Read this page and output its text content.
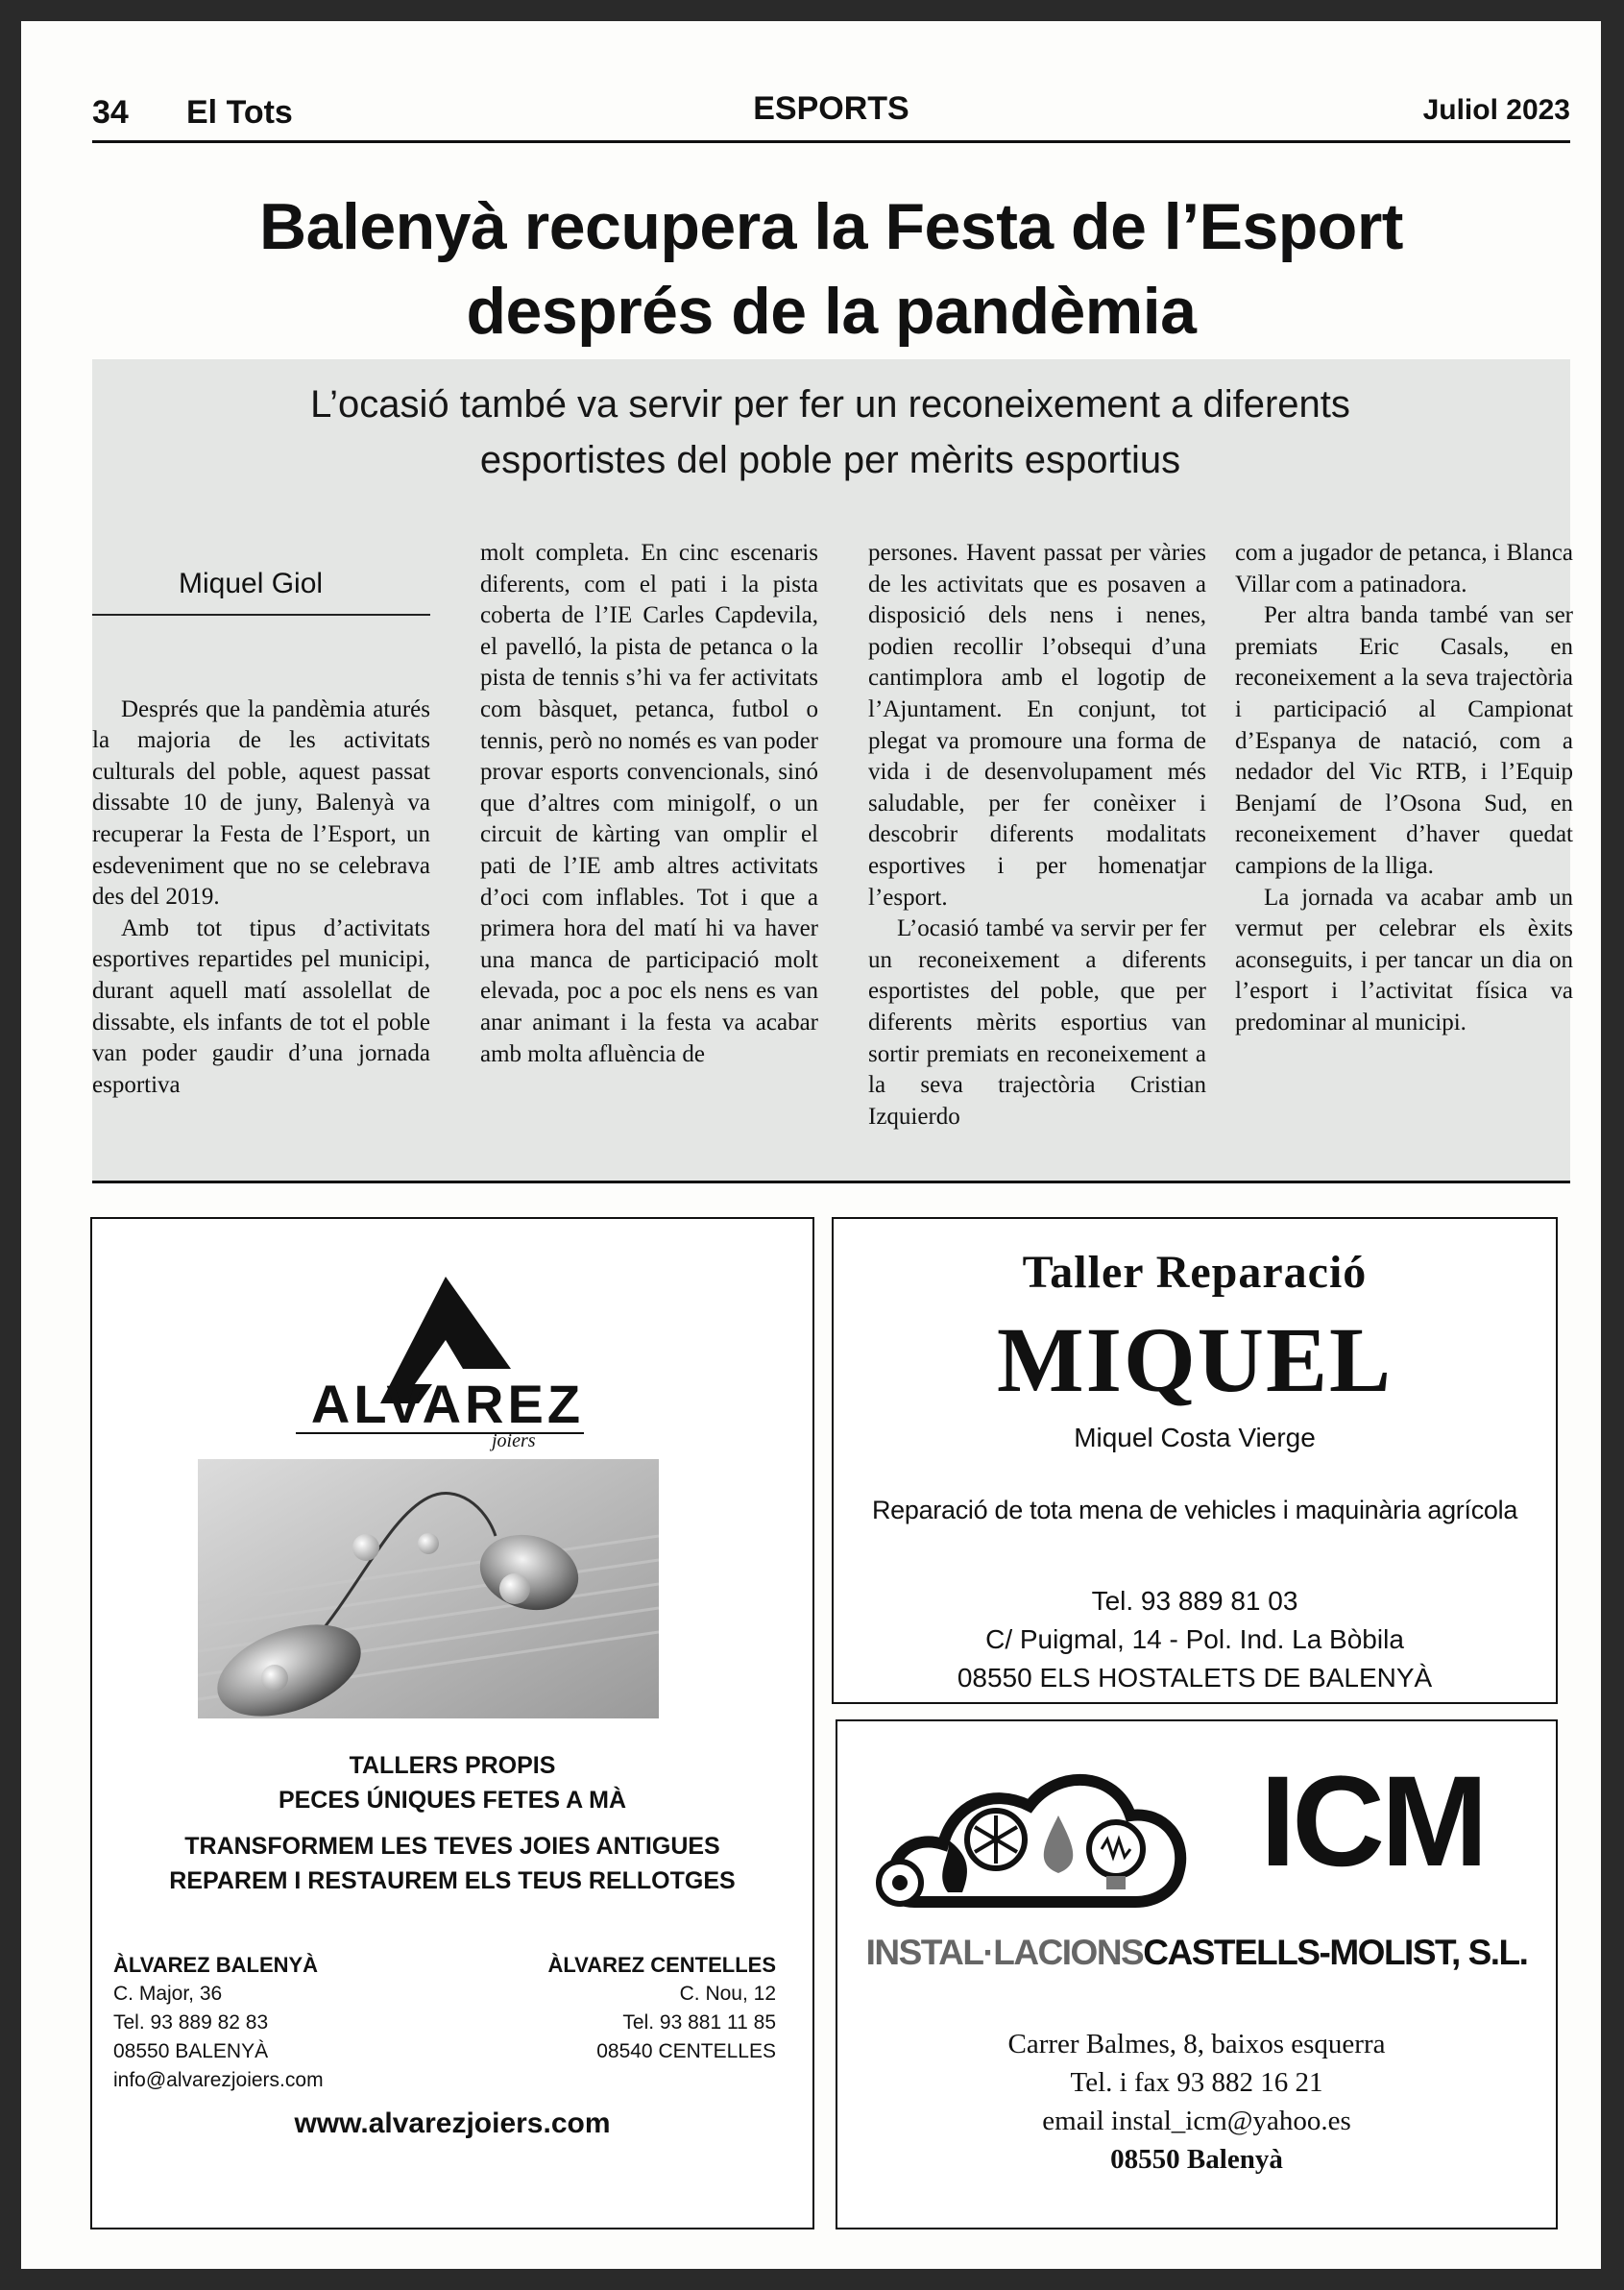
34 El Tots	ESPORTS	Juliol 2023
Balenyà recupera la Festa de l’Esport
després de la pandèmia
L’ocasió també va servir per fer un reconeixement a diferents
esportistes del poble per mèrits esportius
Miquel Giol

Després que la pandèmia aturés la majoria de les activitats culturals del poble, aquest passat dissabte 10 de juny, Balenyà va recuperar la Festa de l’Esport, un esdeveniment que no se celebrava des del 2019.

Amb tot tipus d’activitats esportives repartides pel municipi, durant aquell matí assolellat de dissabte, els infants de tot el poble van poder gaudir d’una jornada esportiva

molt completa. En cinc escenaris diferents, com el pati i la pista coberta de l’IE Carles Capdevila, el pavelló, la pista de petanca o la pista de tennis s’hi va fer activitats com bàsquet, petanca, futbol o tennis, però no només es van poder provar esports convencionals, sinó que d’altres com minigolf, o un circuit de kàrting van omplir el pati de l’IE amb altres activitats d’oci com inflables. Tot i que a primera hora del matí hi va haver una manca de participació molt elevada, poc a poc els nens es van anar animant i la festa va acabar amb molta afluència de

persones. Havent passat per vàries de les activitats que es posaven a disposició dels nens i nenes, podien recollir l’obsequi d’una cantimplora amb el logotip de l’Ajuntament. En conjunt, tot plegat va promoure una forma de vida i de desenvolupament més saludable, per fer conèixer i descobrir diferents modalitats esportives i per homenatjar l’esport.

L’ocasió també va servir per fer un reconeixement a diferents esportistes del poble, que per diferents mèrits esportius van sortir premiats en reconeixement a la seva trajectòria Cristian Izquierdo

com a jugador de petanca, i Blanca Villar com a patinadora.

Per altra banda també van ser premiats Eric Casals, en reconeixement a la seva trajectòria i participació al Campionat d’Espanya de natació, com a nedador del Vic RTB, i l’Equip Benjamí de l’Osona Sud, en reconeixement d’haver quedat campions de la lliga.

La jornada va acabar amb un vermut per celebrar els èxits aconseguits, i per tancar un dia on l’esport i l’activitat física va predominar al municipi.

ALVAREZ
joiers
TALLERS PROPIS
PECES ÚNIQUES FETES A MÀ
TRANSFORMEM LES TEVES JOIES ANTIGUES
REPAREM I RESTAUREM ELS TEUS RELLOTGES
ÀLVAREZ BALENYÀ
C. Major, 36
Tel. 93 889 82 83
08550 BALENYÀ
info@alvarezjoiers.com
ÀLVAREZ CENTELLES
C. Nou, 12
Tel. 93 881 11 85
08540 CENTELLES
www.alvarezjoiers.com
Taller Reparació
MIQUEL
Miquel Costa Vierge
Reparació de tota mena de vehicles i maquinària agrícola
Tel. 93 889 81 03
C/ Puigmal, 14 - Pol. Ind. La Bòbila
08550 ELS HOSTALETS DE BALENYÀ
ICM
INSTAL·LACIONSCASTELLS-MOLIST, S.L.
Carrer Balmes, 8, baixos esquerra
Tel. i fax 93 882 16 21
email instal_icm@yahoo.es
08550 Balenyà
